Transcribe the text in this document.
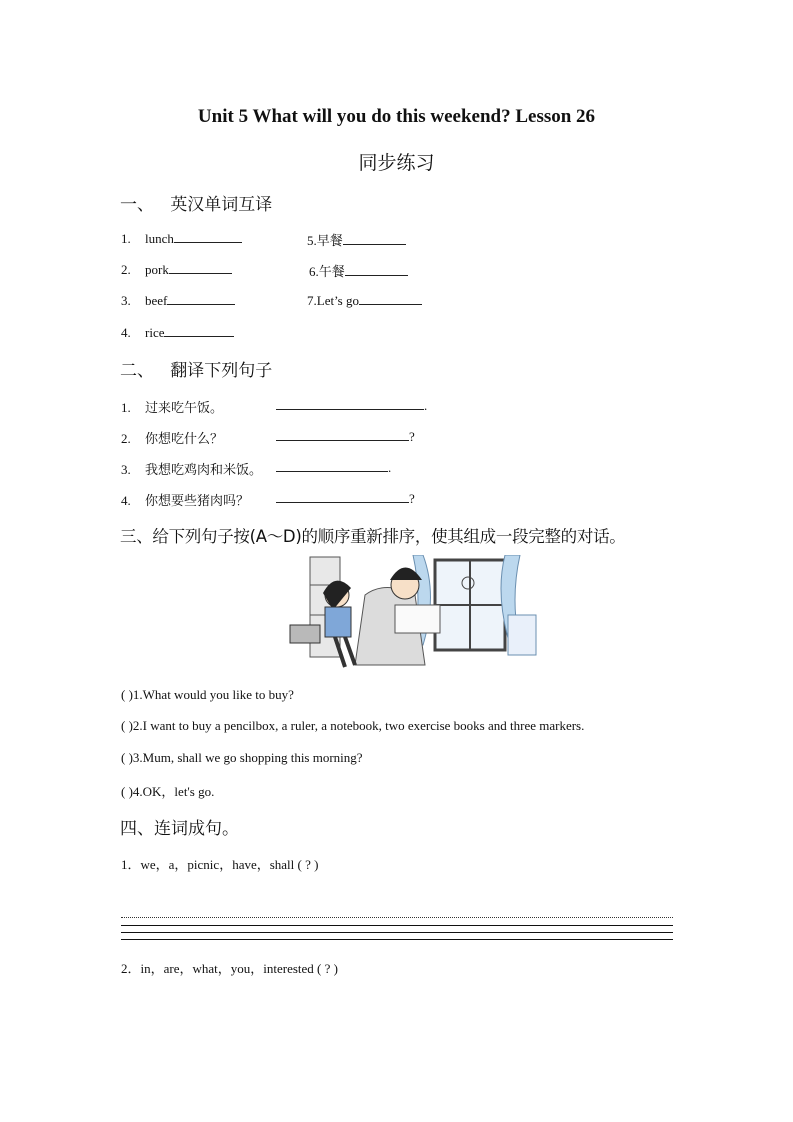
Unit 5 What will you do this weekend? Lesson 26
同步练习
一、 英汉单词互译
1. lunch
2. pork
3. beef
4. rice
5.早餐
6.午餐
7.Let’s go
二、 翻译下列句子
1. 过来吃午饭。	.
2. 你想吃什么？	?
3. 我想吃鸡肉和米饭。	.
4. 你想要些猪肉吗？	?
三、给下列句子按(A～D)的顺序重新排序，使其组成一段完整的对话。
( )1.What would you like to buy?
( )2.I want to buy a pencilbox, a ruler, a notebook, two exercise books and three markers.
( )3.Mum, shall we go shopping this morning?
( )4.OK，let's go.
四、连词成句。
1．we，a，picnic，have，shall ( ? )
2．in，are，what，you，interested ( ? )
